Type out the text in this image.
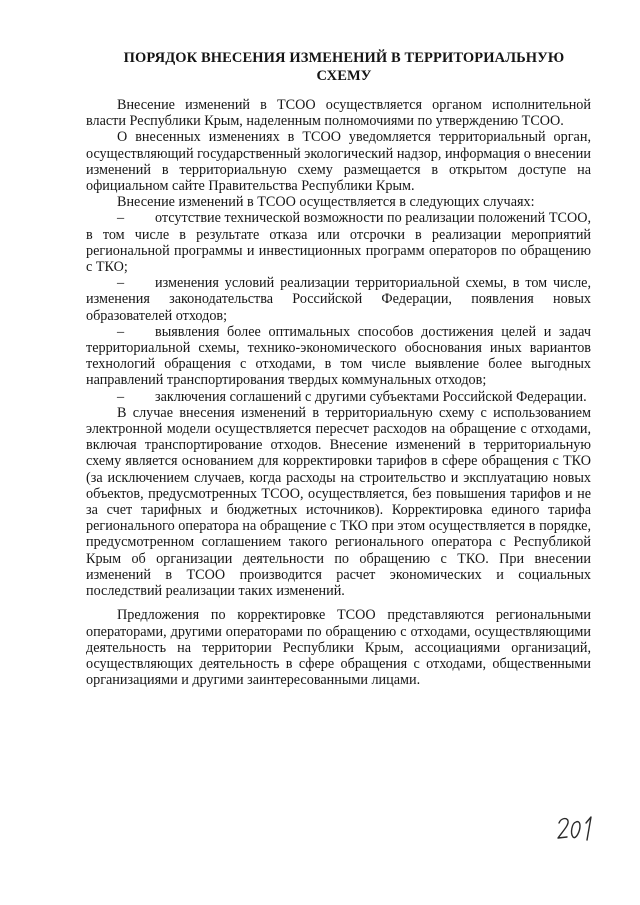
ПОРЯДОК ВНЕСЕНИЯ ИЗМЕНЕНИЙ В ТЕРРИТОРИАЛЬНУЮ СХЕМУ

Внесение изменений в ТСОО осуществляется органом исполнительной власти Республики Крым, наделенным полномочиями по утверждению ТСОО.

О внесенных изменениях в ТСОО уведомляется территориальный орган, осуществляющий государственный экологический надзор, информация о внесении изменений в территориальную схему размещается в открытом доступе на официальном сайте Правительства Республики Крым.

Внесение изменений в ТСОО осуществляется в следующих случаях:

– отсутствие технической возможности по реализации положений ТСОО, в том числе в результате отказа или отсрочки в реализации мероприятий региональной программы и инвестиционных программ операторов по обращению с ТКО;

– изменения условий реализации территориальной схемы, в том числе, изменения законодательства Российской Федерации, появления новых образователей отходов;

– выявления более оптимальных способов достижения целей и задач территориальной схемы, технико-экономического обоснования иных вариантов технологий обращения с отходами, в том числе выявление более выгодных направлений транспортирования твердых коммунальных отходов;

– заключения соглашений с другими субъектами Российской Федерации.

В случае внесения изменений в территориальную схему с использованием электронной модели осуществляется пересчет расходов на обращение с отходами, включая транспортирование отходов. Внесение изменений в территориальную схему является основанием для корректировки тарифов в сфере обращения с ТКО (за исключением случаев, когда расходы на строительство и эксплуатацию новых объектов, предусмотренных ТСОО, осуществляется, без повышения тарифов и не за счет тарифных и бюджетных источников). Корректировка единого тарифа регионального оператора на обращение с ТКО при этом осуществляется в порядке, предусмотренном соглашением такого регионального оператора с Республикой Крым об организации деятельности по обращению с ТКО. При внесении изменений в ТСОО производится расчет экономических и социальных последствий реализации таких изменений.

Предложения по корректировке ТСОО представляются региональными операторами, другими операторами по обращению с отходами, осуществляющими деятельность на территории Республики Крым, ассоциациями организаций, осуществляющих деятельность в сфере обращения с отходами, общественными организациями и другими заинтересованными лицами.
